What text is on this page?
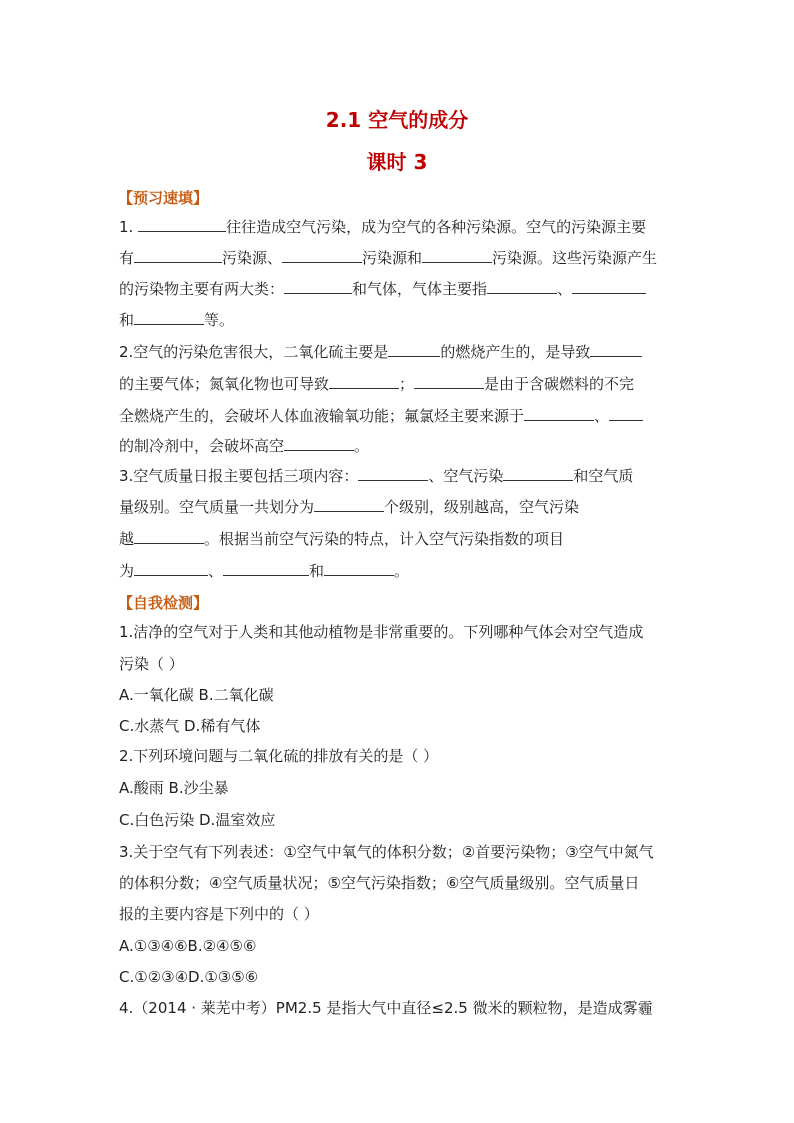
2.1 空气的成分
课时 3
【预习速填】
1.	往往造成空气污染，成为空气的各种污染源。空气的污染源主要
有	污染源、	污染源和	污染源。这些污染源产生
的污染物主要有两大类：	和气体，气体主要指	、
和	等。
2.空气的污染危害很大，二氧化硫主要是	的燃烧产生的，是导致
的主要气体；氮氧化物也可导致	；	是由于含碳燃料的不完
全燃烧产生的，会破坏人体血液输氧功能；氟氯烃主要来源于	、
的制冷剂中，会破坏高空	。
3.空气质量日报主要包括三项内容：	、空气污染	和空气质
量级别。空气质量一共划分为	个级别，级别越高，空气污染
越	。根据当前空气污染的特点，计入空气污染指数的项目
为	、	和	。
【自我检测】
1.洁净的空气对于人类和其他动植物是非常重要的。下列哪种气体会对空气造成
污染（ ）
A.一氧化碳 B.二氧化碳
C.水蒸气 D.稀有气体
2.下列环境问题与二氧化硫的排放有关的是（ ）
A.酸雨 B.沙尘暴
C.白色污染 D.温室效应
3.关于空气有下列表述：①空气中氧气的体积分数；②首要污染物；③空气中氮气
的体积分数；④空气质量状况；⑤空气污染指数；⑥空气质量级别。空气质量日
报的主要内容是下列中的（ ）
A.①③④⑥B.②④⑤⑥
C.①②③④D.①③⑤⑥
4.（2014 · 莱芜中考）PM2.5 是指大气中直径≤2.5 微米的颗粒物，是造成雾霾
